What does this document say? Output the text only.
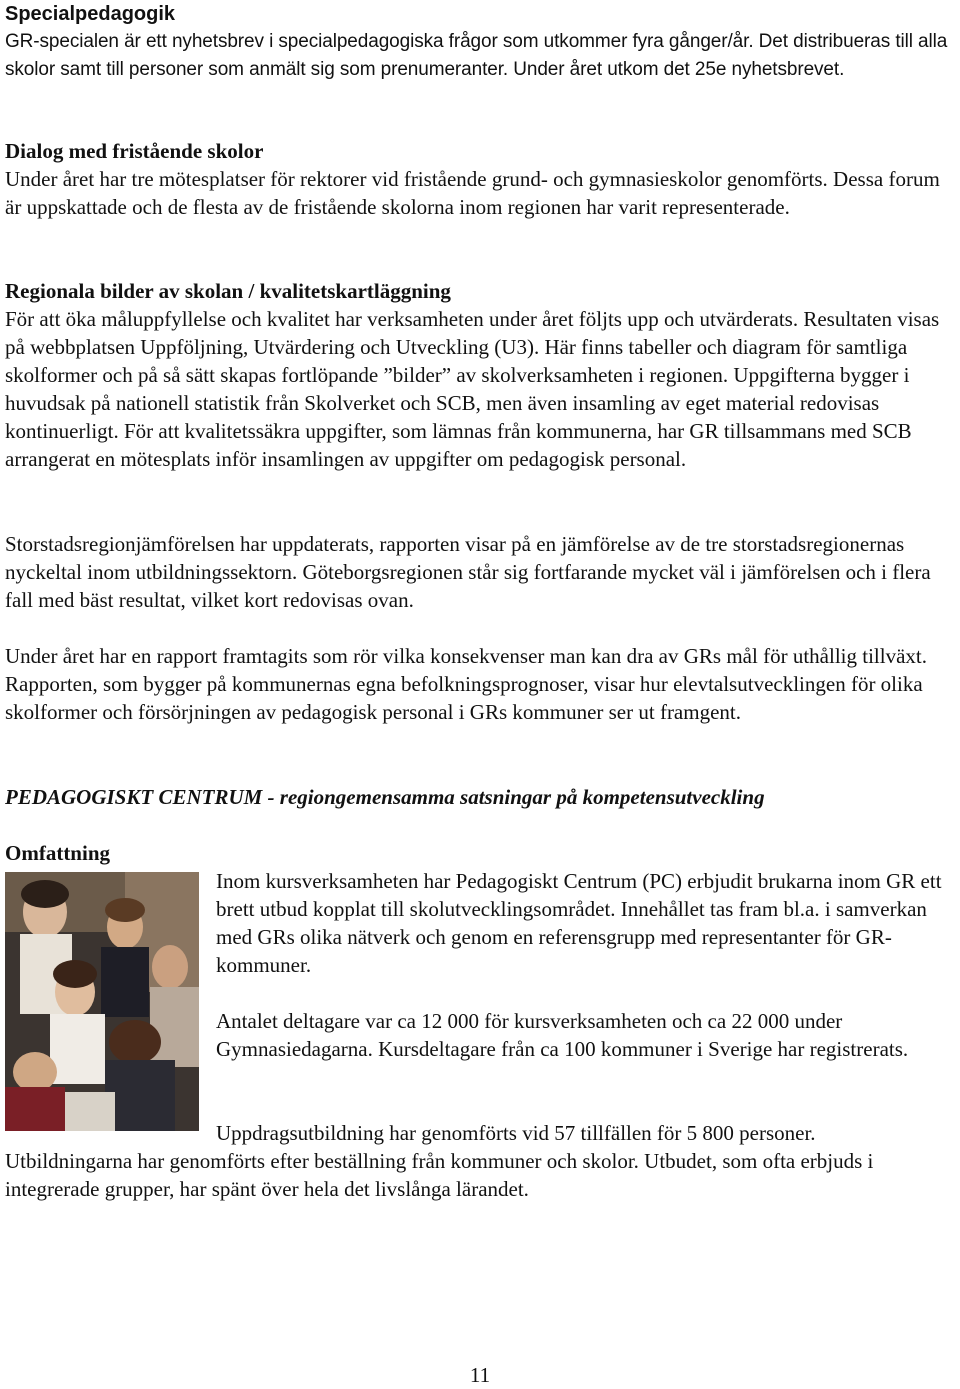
Specialpedagogik

GR-specialen är ett nyhetsbrev i specialpedagogiska frågor som utkommer fyra gånger/år. Det distribueras till alla skolor samt till personer som anmält sig som prenumeranter. Under året utkom det 25e nyhetsbrevet.

Dialog med fristående skolor

Under året har tre mötesplatser för rektorer vid fristående grund- och gymnasieskolor genomförts. Dessa forum är uppskattade och de flesta av de fristående skolorna inom regionen har varit representerade.

Regionala bilder av skolan / kvalitetskartläggning

För att öka måluppfyllelse och kvalitet har verksamheten under året följts upp och utvärderats. Resultaten visas på webbplatsen Uppföljning, Utvärdering och Utveckling (U3). Här finns tabeller och diagram för samtliga skolformer och på så sätt skapas fortlöpande ”bilder” av skolverksamheten i regionen. Uppgifterna bygger i huvudsak på nationell statistik från Skolverket och SCB, men även insamling av eget material redovisas kontinuerligt. För att kvalitetssäkra uppgifter, som lämnas från kommunerna, har GR tillsammans med SCB arrangerat en mötesplats inför insamlingen av uppgifter om pedagogisk personal.

Storstadsregionjämförelsen har uppdaterats, rapporten visar på en jämförelse av de tre storstadsregionernas nyckeltal inom utbildningssektorn. Göteborgsregionen står sig fortfarande mycket väl i jämförelsen och i flera fall med bäst resultat, vilket kort redovisas ovan.

Under året har en rapport framtagits som rör vilka konsekvenser man kan dra av GRs mål för uthållig tillväxt. Rapporten, som bygger på kommunernas egna befolkningsprognoser, visar hur elevtalsutvecklingen för olika skolformer och försörjningen av pedagogisk personal i GRs kommuner ser ut framgent.

PEDAGOGISKT CENTRUM - regiongemensamma satsningar på kompetensutveckling

Omfattning

Inom kursverksamheten har Pedagogiskt Centrum (PC) erbjudit brukarna inom GR ett brett utbud kopplat till skolutvecklingsområdet. Innehållet tas fram bl.a. i samverkan med GRs olika nätverk och genom en referensgrupp med representanter för GR-kommuner.

Antalet deltagare var ca 12 000 för kursverksamheten och ca 22 000 under Gymnasiedagarna. Kursdeltagare från ca 100 kommuner i Sverige har registrerats.

Uppdragsutbildning har genomförts vid 57 tillfällen för 5 800 personer.

Utbildningarna har genomförts efter beställning från kommuner och skolor. Utbudet, som ofta erbjuds i integrerade grupper, har spänt över hela det livslånga lärandet.

11
